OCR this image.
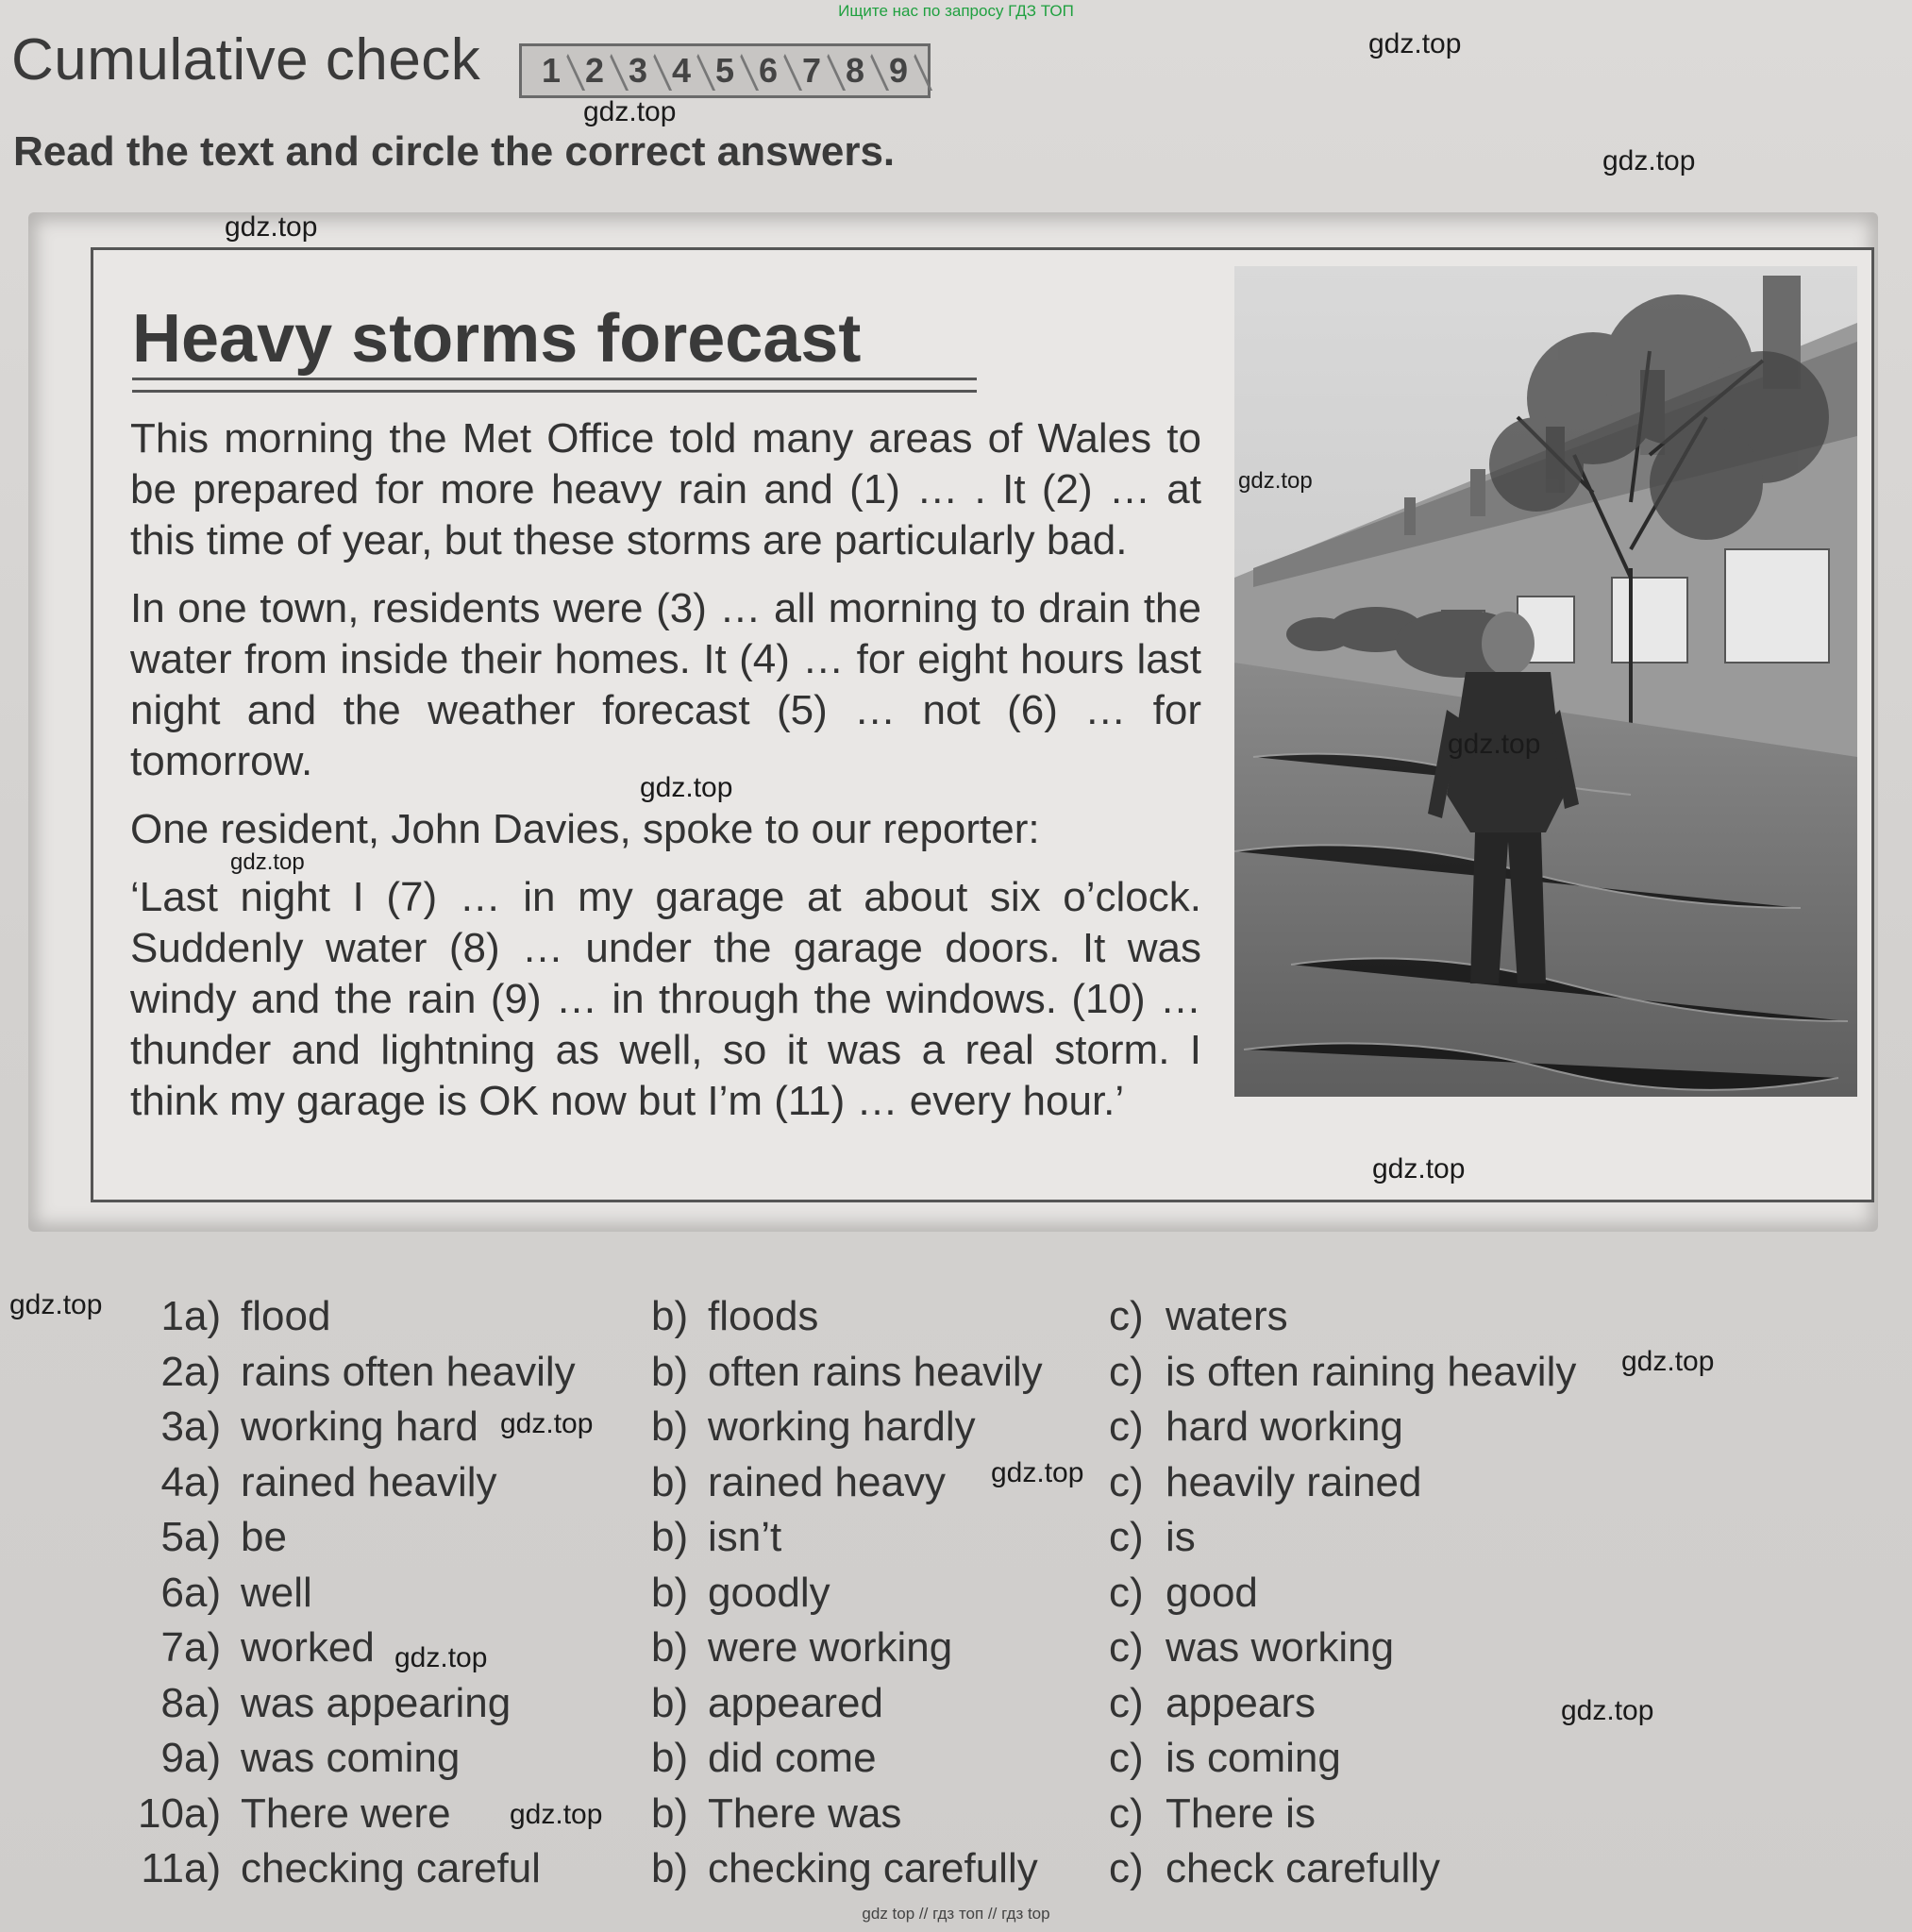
Ищите нас по запросу ГДЗ ТОП
Cumulative check	1 2 3 4 5 6 7 8 9
Read the text and circle the correct answers.
Heavy storms forecast

This morning the Met Office told many areas of Wales to be prepared for more heavy rain and (1) … . It (2) … at this time of year, but these storms are particularly bad.

In one town, residents were (3) … all morning to drain the water from inside their homes. It (4) … for eight hours last night and the weather forecast (5) … not (6) … for tomorrow.

One resident, John Davies, spoke to our reporter:

‘Last night I (7) … in my garage at about six o’clock. Suddenly water (8) … under the garage doors. It was windy and the rain (9) … in through the windows. (10) … thunder and lightning as well, so it was a real storm. I think my garage is OK now but I’m (11) … every hour.’

1 a) flood	b) floods	c) waters
2 a) rains often heavily b) often rains heavily c) is often raining heavily
3 a) working hard	b) working hardly	c) hard working
4 a) rained heavily	b) rained heavy	c) heavily rained
5 a) be	b) isn’t	c) is
6 a) well	b) goodly	c) good
7 a) worked	b) were working	c) was working
8 a) was appearing	b) appeared	c) appears
9 a) was coming	b) did come	c) is coming
10 a) There were	b) There was	c) There is
11 a) checking careful	b) checking carefully c) check carefully
gdz.top
gdz.top
gdz.top
gdz.top
gdz.top
gdz.top
gdz.top
gdz.top
gdz.top
gdz.top
gdz.top
gdz.top
gdz.top
gdz.top
gdz.top
gdz.top
gdz top // гдз топ // гдз top
